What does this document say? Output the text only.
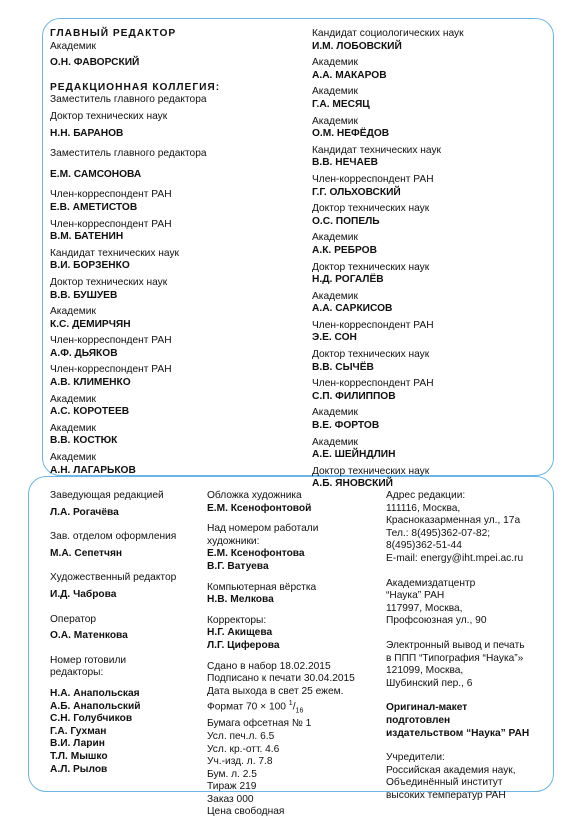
ГЛАВНЫЙ РЕДАКТОР
Академик
О.Н. ФАВОРСКИЙ
РЕДАКЦИОННАЯ КОЛЛЕГИЯ:
Заместитель главного редактора
Доктор технических наук
Н.Н. БАРАНОВ
Заместитель главного редактора
Е.М. САМСОНОВА
Член-корреспондент РАН
Е.В. АМЕТИСТОВ
Член-корреспондент РАН
В.М. БАТЕНИН
Кандидат технических наук
В.И. БОРЗЕНКО
Доктор технических наук
В.В. БУШУЕВ
Академик
К.С. ДЕМИРЧЯН
Член-корреспондент РАН
А.Ф. ДЬЯКОВ
Член-корреспондент РАН
А.В. КЛИМЕНКО
Академик
А.С. КОРОТЕЕВ
Академик
В.В. КОСТЮК
Академик
А.Н. ЛАГАРЬКОВ
Кандидат социологических наук
И.М. ЛОБОВСКИЙ
Академик
А.А. МАКАРОВ
Академик
Г.А. МЕСЯЦ
Академик
О.М. НЕФЁДОВ
Кандидат технических наук
В.В. НЕЧАЕВ
Член-корреспондент РАН
Г.Г. ОЛЬХОВСКИЙ
Доктор технических наук
О.С. ПОПЕЛЬ
Академик
А.К. РЕБРОВ
Доктор технических наук
Н.Д. РОГАЛЁВ
Академик
А.А. САРКИСОВ
Член-корреспондент РАН
Э.Е. СОН
Доктор технических наук
В.В. СЫЧЁВ
Член-корреспондент РАН
С.П. ФИЛИППОВ
Академик
В.Е. ФОРТОВ
Академик
А.Е. ШЕЙНДЛИН
Доктор технических наук
А.Б. ЯНОВСКИЙ
Заведующая редакцией
Л.А. Рогачёва
Зав. отделом оформления
М.А. Сепетчян
Художественный редактор
И.Д. Чаброва
Оператор
О.А. Матенкова
Номер готовили
редакторы:
Н.А. Анапольская
А.Б. Анапольский
С.Н. Голубчиков
Г.А. Гухман
В.И. Ларин
Т.Л. Мышко
А.Л. Рылов
Обложка художника
Е.М. Ксенофонтовой
Над номером работали
художники:
Е.М. Ксенофонтова
В.Г. Ватуева
Компьютерная вёрстка
Н.В. Мелкова
Корректоры:
Н.Г. Акищева
Л.Г. Циферова
Сдано в набор 18.02.2015
Подписано к печати 30.04.2015
Дата выхода в свет 25 ежем.
Формат 70 × 100 $^1/_{16}$
Бумага офсетная № 1
Усл. печ.л. 6.5
Усл. кр.-отт. 4.6
Уч.-изд. л. 7.8
Бум. л. 2.5
Тираж 219
Заказ 000
Цена свободная
Адрес редакции:
111116, Москва,
Красноказарменная ул., 17а
Тел.: 8(495)362-07-82;
8(495)362-51-44
E-mail: energy@iht.mpei.ac.ru
Академиздатцентр
“Наука” РАН
117997, Москва,
Профсоюзная ул., 90
Электронный вывод и печать
в ППП “Типография “Наука”»
121099, Москва,
Шубинский пер., 6
Оригинал-макет
подготовлен
издательством “Наука” РАН
Учредители:
Российская академия наук,
Объединённый институт
высоких температур РАН
